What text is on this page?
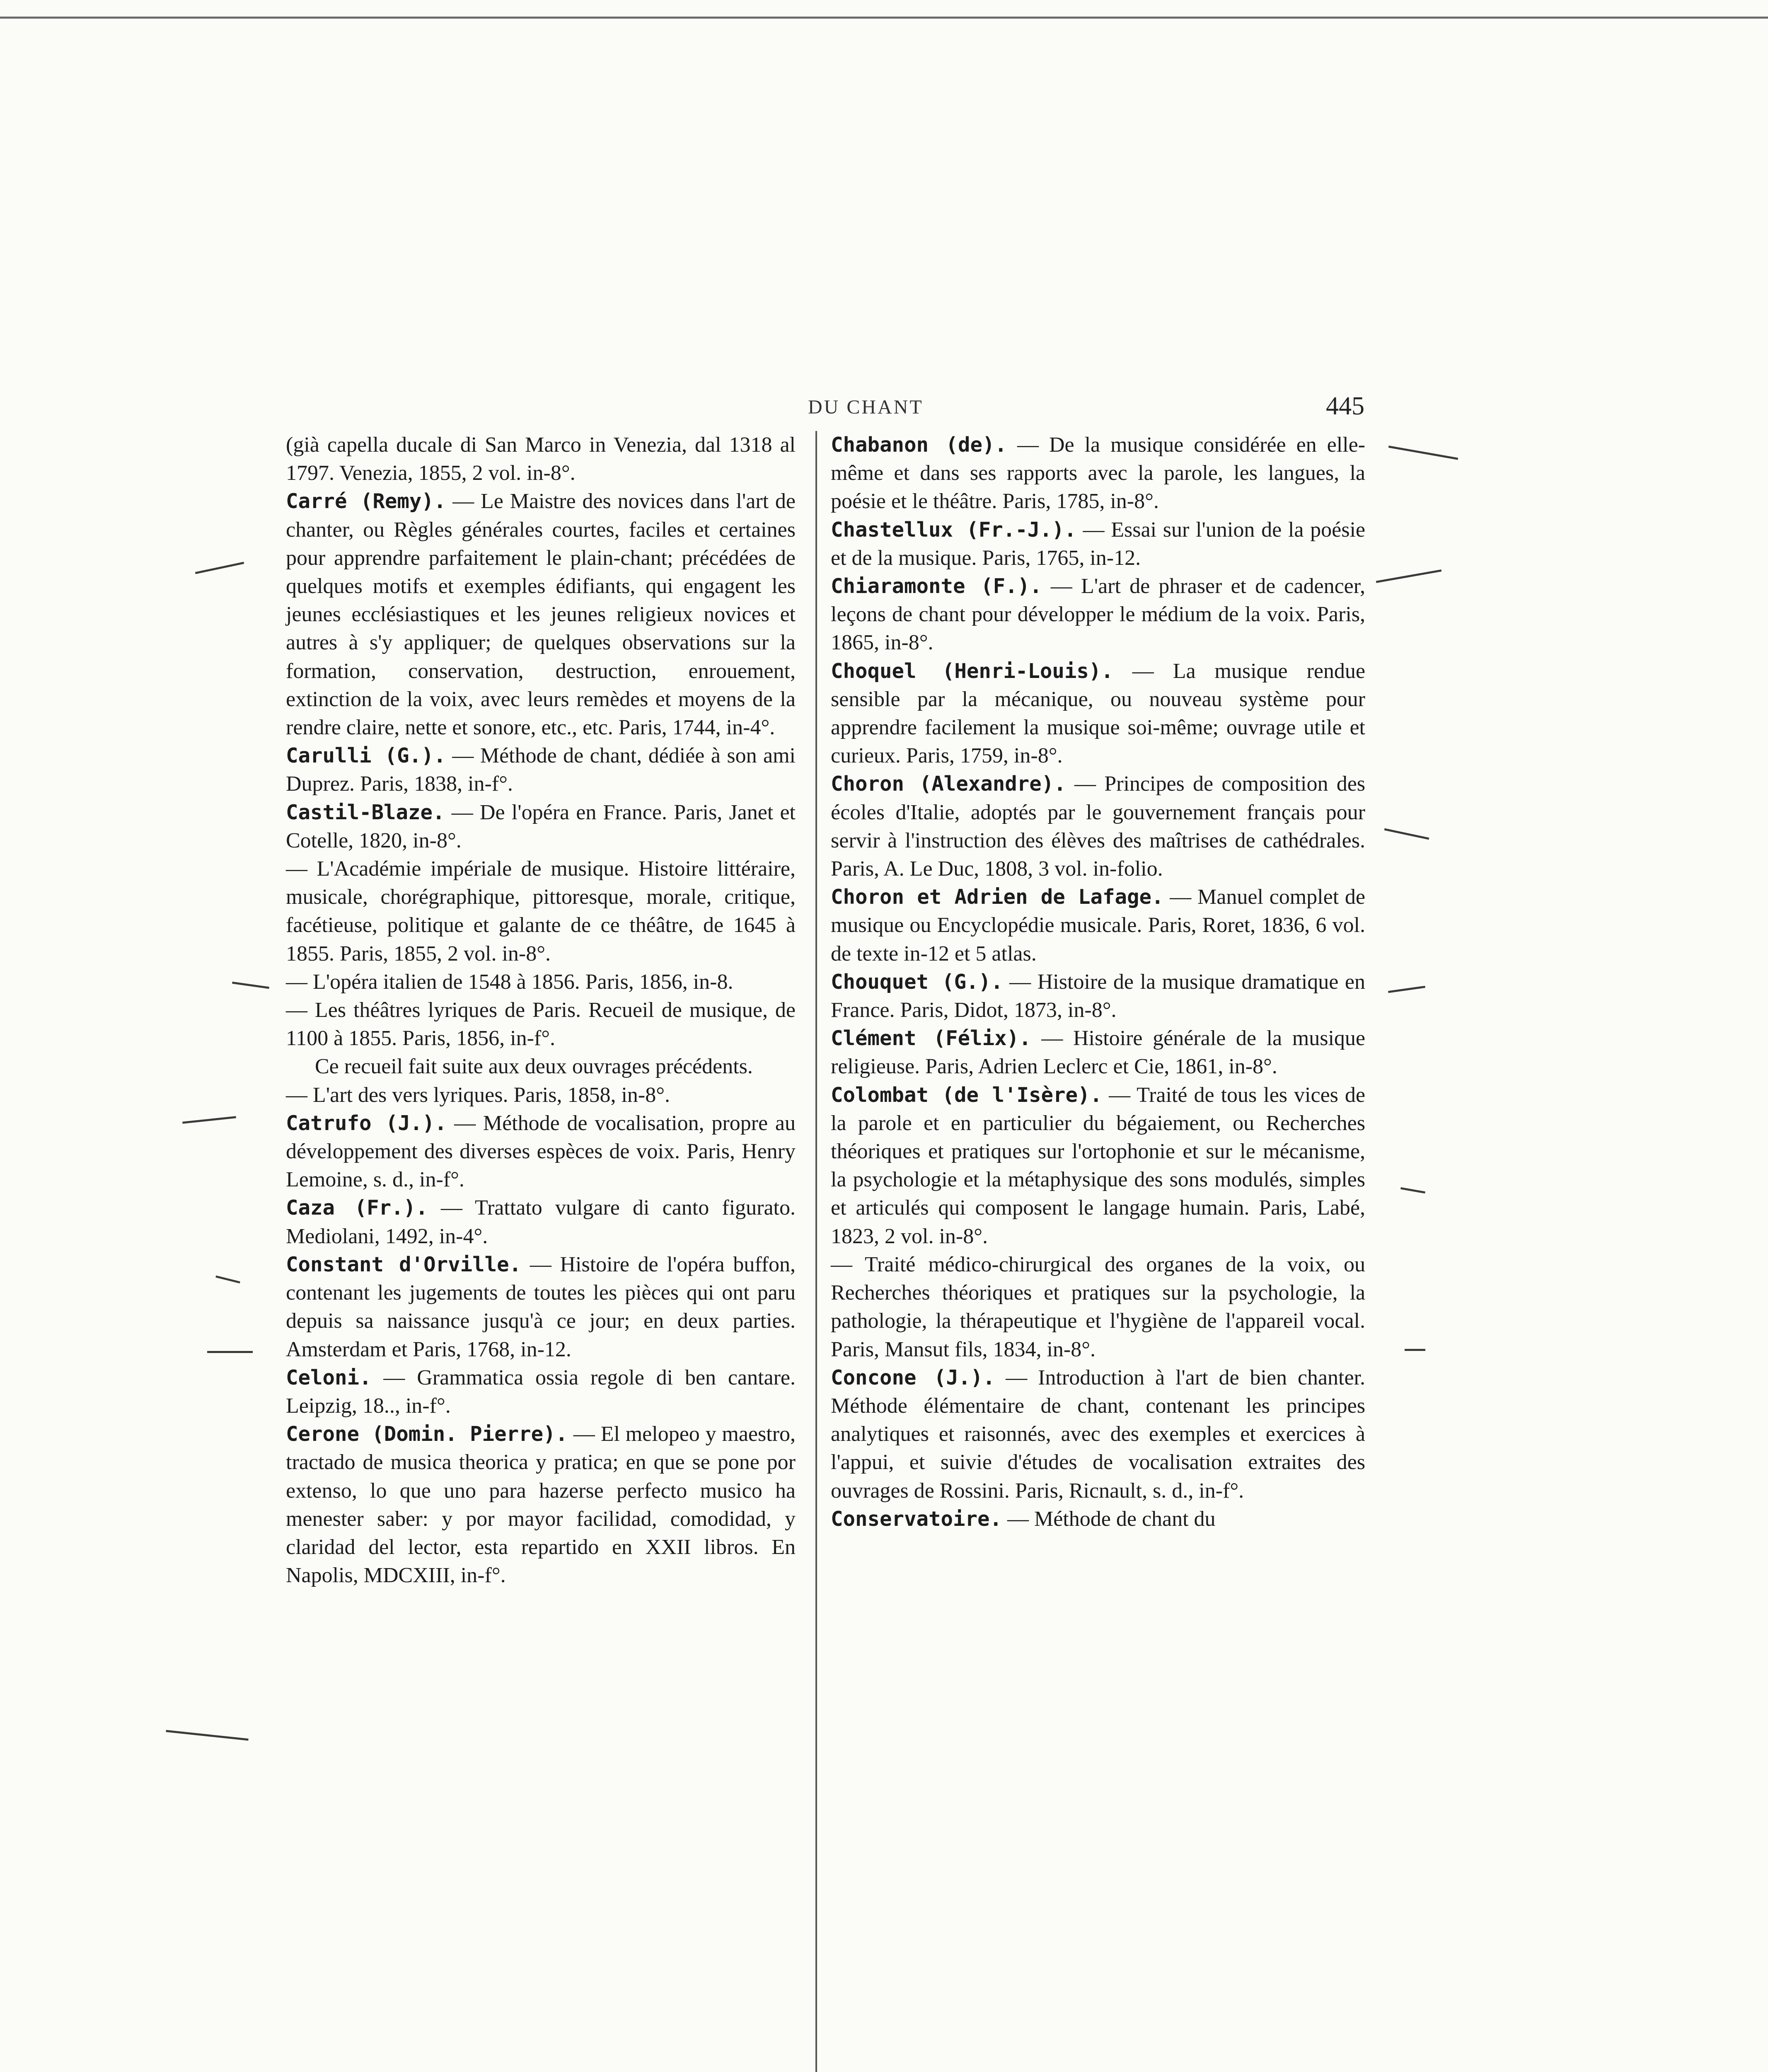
DU CHANT	445

(già capella ducale di San Marco in Venezia, dal 1318 al 1797. Venezia, 1855, 2 vol. in-8°.

Carré (Remy). — Le Maistre des novices dans l'art de chanter, ou Règles générales courtes, faciles et certaines pour apprendre parfaitement le plain-chant; précédées de quelques motifs et exemples édifiants, qui engagent les jeunes ecclésiastiques et les jeunes religieux novices et autres à s'y appliquer; de quelques observations sur la formation, conservation, destruction, enrouement, extinction de la voix, avec leurs remèdes et moyens de la rendre claire, nette et sonore, etc., etc. Paris, 1744, in-4°.

Carulli (G.). — Méthode de chant, dédiée à son ami Duprez. Paris, 1838, in-f°.

Castil-Blaze. — De l'opéra en France. Paris, Janet et Cotelle, 1820, in-8°.

— L'Académie impériale de musique. Histoire littéraire, musicale, chorégraphique, pittoresque, morale, critique, facétieuse, politique et galante de ce théâtre, de 1645 à 1855. Paris, 1855, 2 vol. in-8°.

— L'opéra italien de 1548 à 1856. Paris, 1856, in-8.

— Les théâtres lyriques de Paris. Recueil de musique, de 1100 à 1855. Paris, 1856, in-f°.

Ce recueil fait suite aux deux ouvrages précédents.

— L'art des vers lyriques. Paris, 1858, in-8°.

Catrufo (J.). — Méthode de vocalisation, propre au développement des diverses espèces de voix. Paris, Henry Lemoine, s. d., in-f°.

Caza (Fr.). — Trattato vulgare di canto figurato. Mediolani, 1492, in-4°.

Constant d'Orville. — Histoire de l'opéra buffon, contenant les jugements de toutes les pièces qui ont paru depuis sa naissance jusqu'à ce jour; en deux parties. Amsterdam et Paris, 1768, in-12.

Celoni. — Grammatica ossia regole di ben cantare. Leipzig, 18.., in-f°.

Cerone (Domin. Pierre). — El melopeo y maestro, tractado de musica theorica y pratica; en que se pone por extenso, lo que uno para hazerse perfecto musico ha menester saber: y por mayor facilidad, comodidad, y claridad del lector, esta repartido en XXII libros. En Napolis, MDCXIII, in-f°.

Chabanon (de). — De la musique considérée en elle-même et dans ses rapports avec la parole, les langues, la poésie et le théâtre. Paris, 1785, in-8°.

Chastellux (Fr.-J.). — Essai sur l'union de la poésie et de la musique. Paris, 1765, in-12.

Chiaramonte (F.). — L'art de phraser et de cadencer, leçons de chant pour développer le médium de la voix. Paris, 1865, in-8°.

Choquel (Henri-Louis). — La musique rendue sensible par la mécanique, ou nouveau système pour apprendre facilement la musique soi-même; ouvrage utile et curieux. Paris, 1759, in-8°.

Choron (Alexandre). — Principes de composition des écoles d'Italie, adoptés par le gouvernement français pour servir à l'instruction des élèves des maîtrises de cathédrales. Paris, A. Le Duc, 1808, 3 vol. in-folio.

Choron et Adrien de Lafage. — Manuel complet de musique ou Encyclopédie musicale. Paris, Roret, 1836, 6 vol. de texte in-12 et 5 atlas.

Chouquet (G.). — Histoire de la musique dramatique en France. Paris, Didot, 1873, in-8°.

Clément (Félix). — Histoire générale de la musique religieuse. Paris, Adrien Leclerc et Cie, 1861, in-8°.

Colombat (de l'Isère). — Traité de tous les vices de la parole et en particulier du bégaiement, ou Recherches théoriques et pratiques sur l'ortophonie et sur le mécanisme, la psychologie et la métaphysique des sons modulés, simples et articulés qui composent le langage humain. Paris, Labé, 1823, 2 vol. in-8°.

— Traité médico-chirurgical des organes de la voix, ou Recherches théoriques et pratiques sur la psychologie, la pathologie, la thérapeutique et l'hygiène de l'appareil vocal. Paris, Mansut fils, 1834, in-8°.

Concone (J.). — Introduction à l'art de bien chanter. Méthode élémentaire de chant, contenant les principes analytiques et raisonnés, avec des exemples et exercices à l'appui, et suivie d'études de vocalisation extraites des ouvrages de Rossini. Paris, Ricnault, s. d., in-f°.

Conservatoire. — Méthode de chant du
